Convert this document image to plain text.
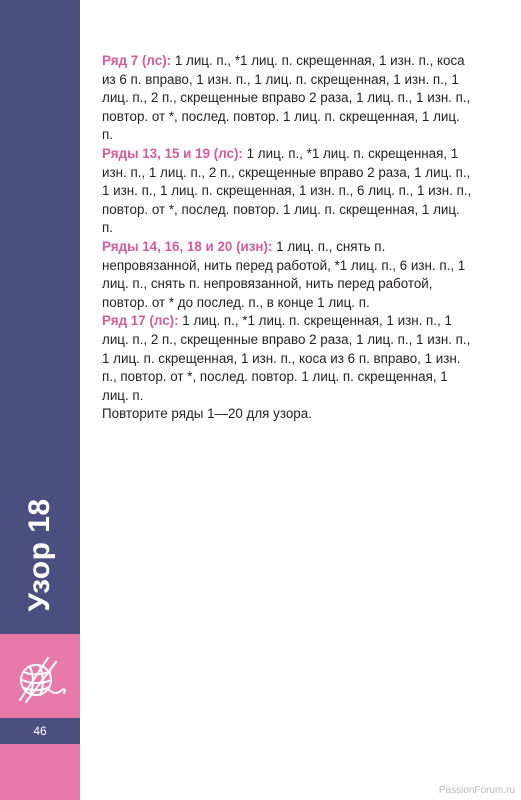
Узор 18
46

Ряд 7 (лс): 1 лиц. п., *1 лиц. п. скрещенная, 1 изн. п., коса из 6 п. вправо, 1 изн. п., 1 лиц. п. скрещенная, 1 изн. п., 1 лиц. п., 2 п., скрещенные вправо 2 раза, 1 лиц. п., 1 изн. п., повтор. от *, послед. повтор. 1 лиц. п. скрещенная, 1 лиц. п.

Ряды 13, 15 и 19 (лс): 1 лиц. п., *1 лиц. п. скрещенная, 1 изн. п., 1 лиц. п., 2 п., скрещенные вправо 2 раза, 1 лиц. п., 1 изн. п., 1 лиц. п. скрещенная, 1 изн. п., 6 лиц. п., 1 изн. п., повтор. от *, послед. повтор. 1 лиц. п. скрещенная, 1 лиц. п.

Ряды 14, 16, 18 и 20 (изн): 1 лиц. п., снять п. непровязанной, нить перед работой, *1 лиц. п., 6 изн. п., 1 лиц. п., снять п. непровязанной, нить перед работой, повтор. от * до послед. п., в конце 1 лиц. п.

Ряд 17 (лс): 1 лиц. п., *1 лиц. п. скрещенная, 1 изн. п., 1 лиц. п., 2 п., скрещенные вправо 2 раза, 1 лиц. п., 1 изн. п., 1 лиц. п. скрещенная, 1 изн. п., коса из 6 п. вправо, 1 изн. п., повтор. от *, послед. повтор. 1 лиц. п. скрещенная, 1 лиц. п.

Повторите ряды 1—20 для узора.

PassionForum.ru
